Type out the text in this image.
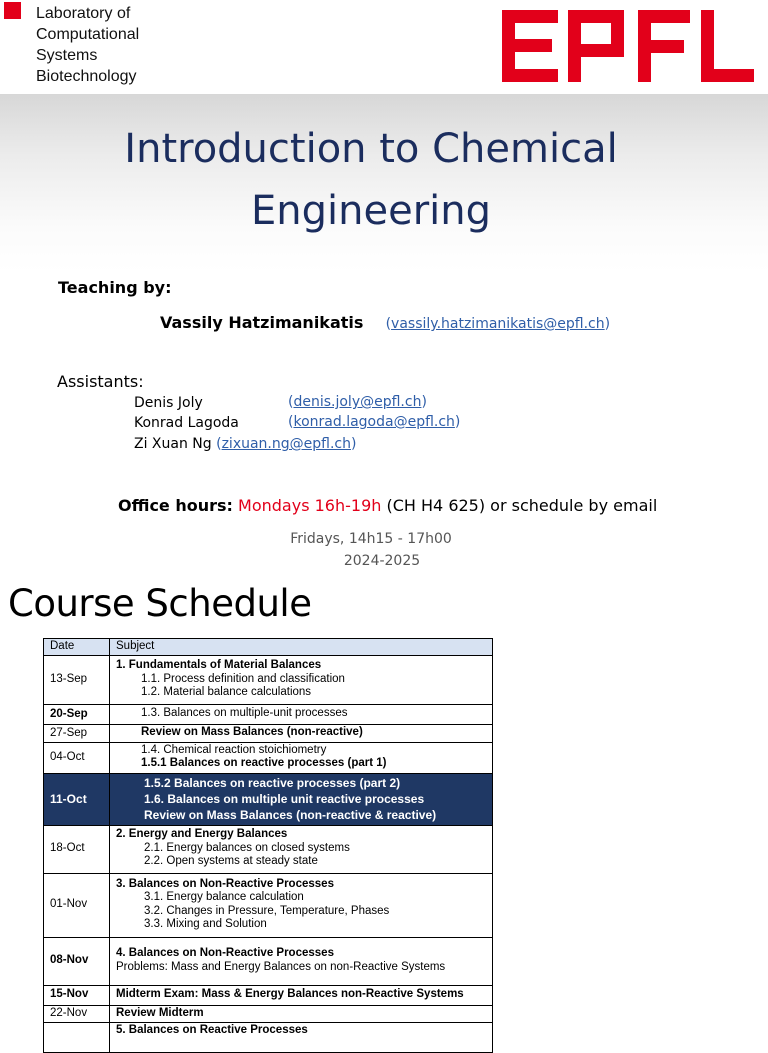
Laboratory of
Computational
Systems
Biotechnology
Introduction to Chemical
Engineering
Teaching by:
Vassily Hatzimanikatis (vassily.hatzimanikatis@epfl.ch)
Assistants:
Denis Joly	(denis.joly@epfl.ch)
Konrad Lagoda	(konrad.lagoda@epfl.ch)
Zi Xuan Ng (zixuan.ng@epfl.ch)
Office hours: Mondays 16h-19h (CH H4 625) or schedule by email
Fridays, 14h15 - 17h00
2024-2025
Course Schedule
Date	Subject
13-Sep	1. Fundamentals of Material Balances
1.1. Process definition and classification
1.2. Material balance calculations

20-Sep	1.3. Balances on multiple-unit processes

27-Sep	Review on Mass Balances (non-reactive)

04-Oct	1.4. Chemical reaction stoichiometry
1.5.1 Balances on reactive processes (part 1)

11-Oct	1.5.2 Balances on reactive processes (part 2)
1.6. Balances on multiple unit reactive processes
Review on Mass Balances (non-reactive & reactive)

18-Oct	2. Energy and Energy Balances
2.1. Energy balances on closed systems
2.2. Open systems at steady state

01-Nov	3. Balances on Non-Reactive Processes
3.1. Energy balance calculation
3.2. Changes in Pressure, Temperature, Phases
3.3. Mixing and Solution

08-Nov	4. Balances on Non-Reactive Processes
Problems: Mass and Energy Balances on non-Reactive Systems

15-Nov	Midterm Exam: Mass & Energy Balances non-Reactive Systems
22-Nov	Review Midterm
	5. Balances on Reactive Processes
